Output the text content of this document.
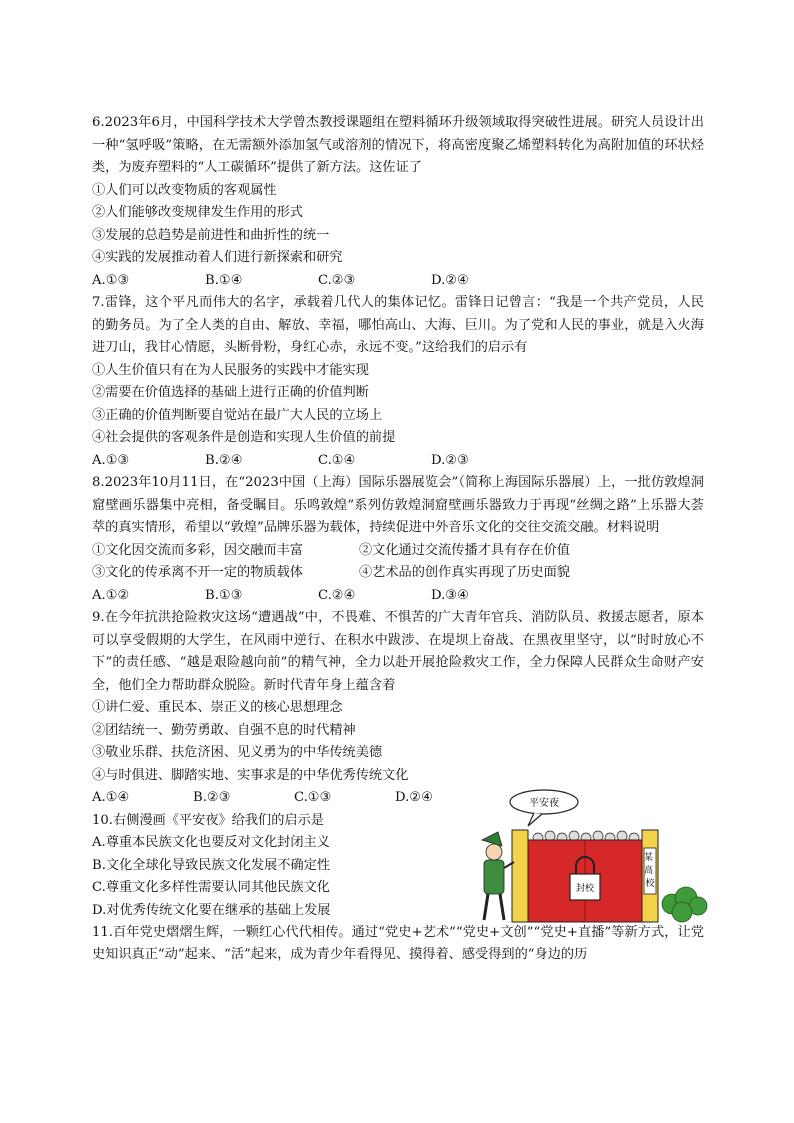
6.2023年6月，中国科学技术大学曾杰教授课题组在塑料循环升级领域取得突破性进展。研究人员设计出一种“氢呼吸”策略，在无需额外添加氢气或溶剂的情况下，将高密度聚乙烯塑料转化为高附加值的环状烃类，为废弃塑料的“人工碳循环”提供了新方法。这佐证了

①人们可以改变物质的客观属性

②人们能够改变规律发生作用的形式

③发展的总趋势是前进性和曲折性的统一

④实践的发展推动着人们进行新探索和研究

A.①③	B.①④	C.②③	D.②④

7.雷锋，这个平凡而伟大的名字，承载着几代人的集体记忆。雷锋日记曾言：“我是一个共产党员，人民的勤务员。为了全人类的自由、解放、幸福，哪怕高山、大海、巨川。为了党和人民的事业，就是入火海进刀山，我甘心情愿，头断骨粉，身红心赤，永远不变。”这给我们的启示有

①人生价值只有在为人民服务的实践中才能实现

②需要在价值选择的基础上进行正确的价值判断

③正确的价值判断要自觉站在最广大人民的立场上

④社会提供的客观条件是创造和实现人生价值的前提

A.①③	B.②④	C.①④	D.②③

8.2023年10月11日，在“2023中国（上海）国际乐器展览会”（简称上海国际乐器展）上，一批仿敦煌洞窟壁画乐器集中亮相，备受瞩目。乐鸣敦煌”系列仿敦煌洞窟壁画乐器致力于再现“丝绸之路”上乐器大荟萃的真实情形，希望以“敦煌”品牌乐器为载体，持续促进中外音乐文化的交往交流交融。材料说明

①文化因交流而多彩，因交融而丰富	②文化通过交流传播才具有存在价值
③文化的传承离不开一定的物质载体	④艺术品的创作真实再现了历史面貌
A.①②	B.①③	C.②④	D.③④

9.在今年抗洪抢险救灾这场“遭遇战”中，不畏难、不惧苦的广大青年官兵、消防队员、救援志愿者，原本可以享受假期的大学生，在风雨中逆行、在积水中跋涉、在堤坝上奋战、在黑夜里坚守，以“时时放心不下”的责任感、“越是艰险越向前”的精气神，全力以赴开展抢险救灾工作，全力保障人民群众生命财产安全，他们全力帮助群众脱险。新时代青年身上蕴含着

①讲仁爱、重民本、崇正义的核心思想理念

②团结统一、勤劳勇敢、自强不息的时代精神

③敬业乐群、扶危济困、见义勇为的中华传统美德

④与时俱进、脚踏实地、实事求是的中华优秀传统文化

A.①④	B.②③	C.①③	D.②④

10.右侧漫画《平安夜》给我们的启示是

A.尊重本民族文化也要反对文化封闭主义

B.文化全球化导致民族文化发展不确定性

C.尊重文化多样性需要认同其他民族文化

D.对优秀传统文化要在继承的基础上发展

平安夜
某 高 校
封校

11.百年党史熠熠生辉，一颗红心代代相传。通过“党史+艺术”“党史+文创”“党史+直播”等新方式，让党史知识真正“动”起来、“活”起来，成为青少年看得见、摸得着、感受得到的“身边的历
